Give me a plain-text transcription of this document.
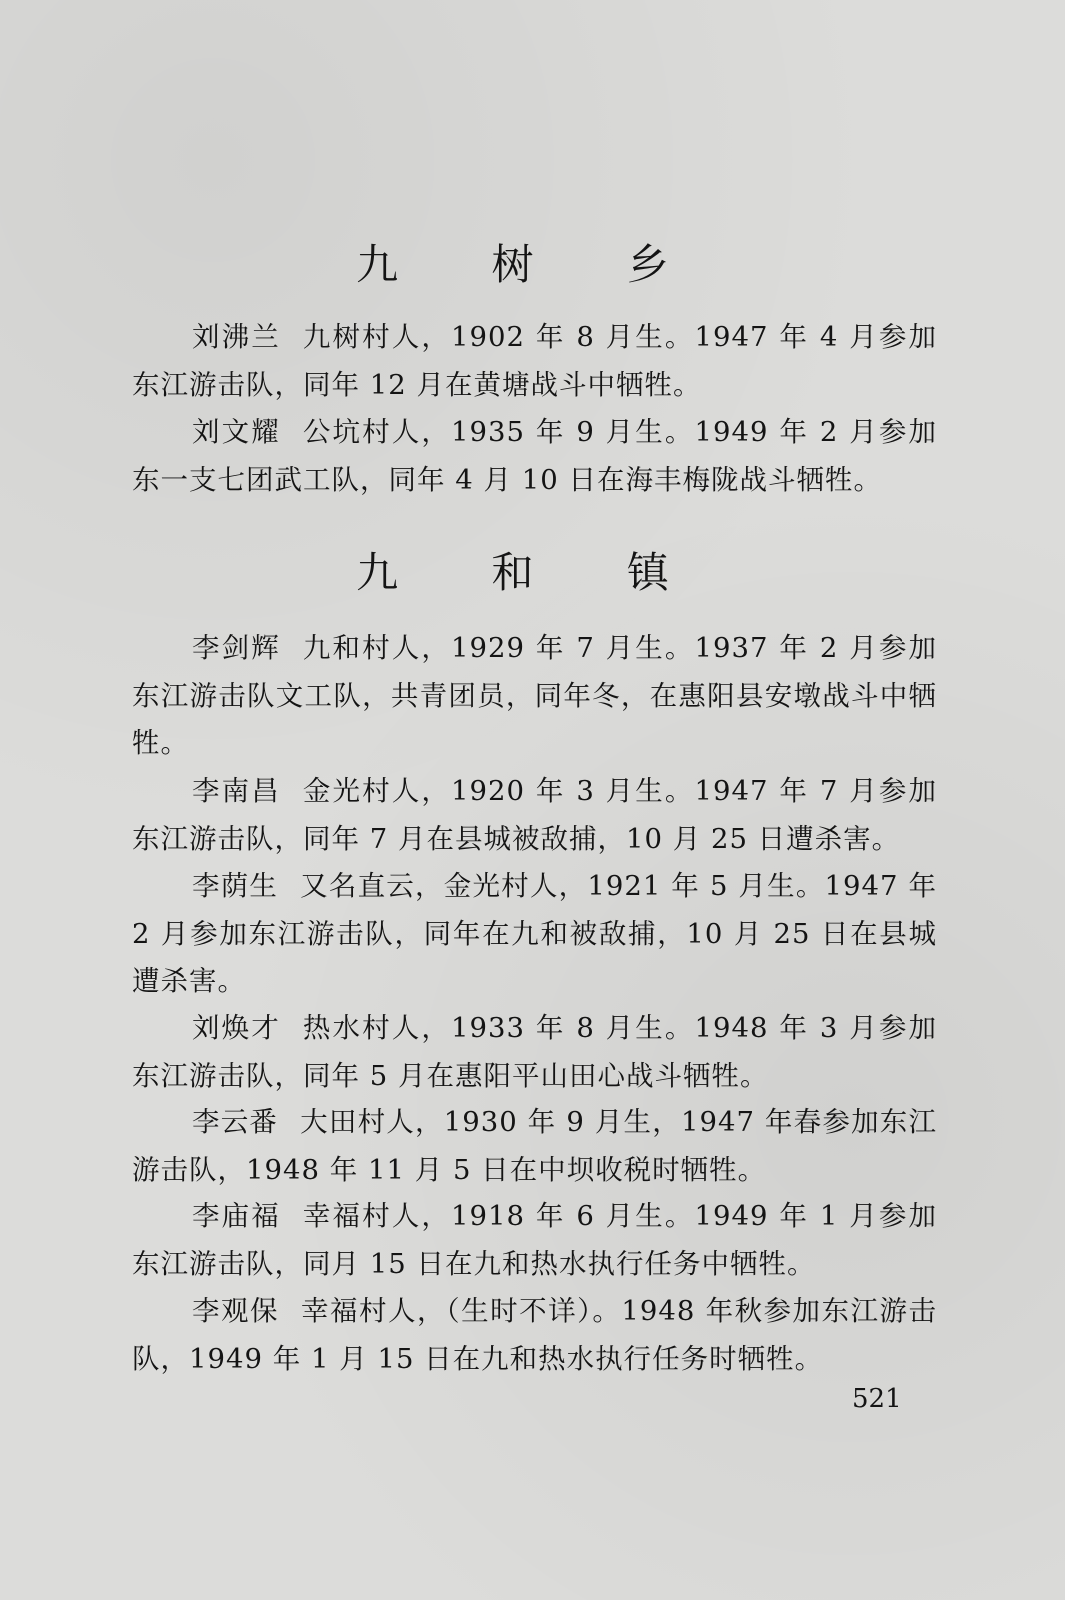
九 树 乡
刘沸兰 九树村人，1902 年 8 月生。1947 年 4 月参加东江游击队，同年 12 月在黄塘战斗中牺牲。
刘文耀 公坑村人，1935 年 9 月生。1949 年 2 月参加东一支七团武工队，同年 4 月 10 日在海丰梅陇战斗牺牲。
九 和 镇
李剑辉 九和村人，1929 年 7 月生。1937 年 2 月参加东江游击队文工队，共青团员，同年冬，在惠阳县安墩战斗中牺牲。
李南昌 金光村人，1920 年 3 月生。1947 年 7 月参加东江游击队，同年 7 月在县城被敌捕，10 月 25 日遭杀害。
李荫生 又名直云，金光村人，1921 年 5 月生。1947 年 2 月参加东江游击队，同年在九和被敌捕，10 月 25 日在县城遭杀害。
刘焕才 热水村人，1933 年 8 月生。1948 年 3 月参加东江游击队，同年 5 月在惠阳平山田心战斗牺牲。
李云番 大田村人，1930 年 9 月生，1947 年春参加东江游击队，1948 年 11 月 5 日在中坝收税时牺牲。
李庙福 幸福村人，1918 年 6 月生。1949 年 1 月参加东江游击队，同月 15 日在九和热水执行任务中牺牲。
李观保 幸福村人，（生时不详）。1948 年秋参加东江游击队，1949 年 1 月 15 日在九和热水执行任务时牺牲。
521
